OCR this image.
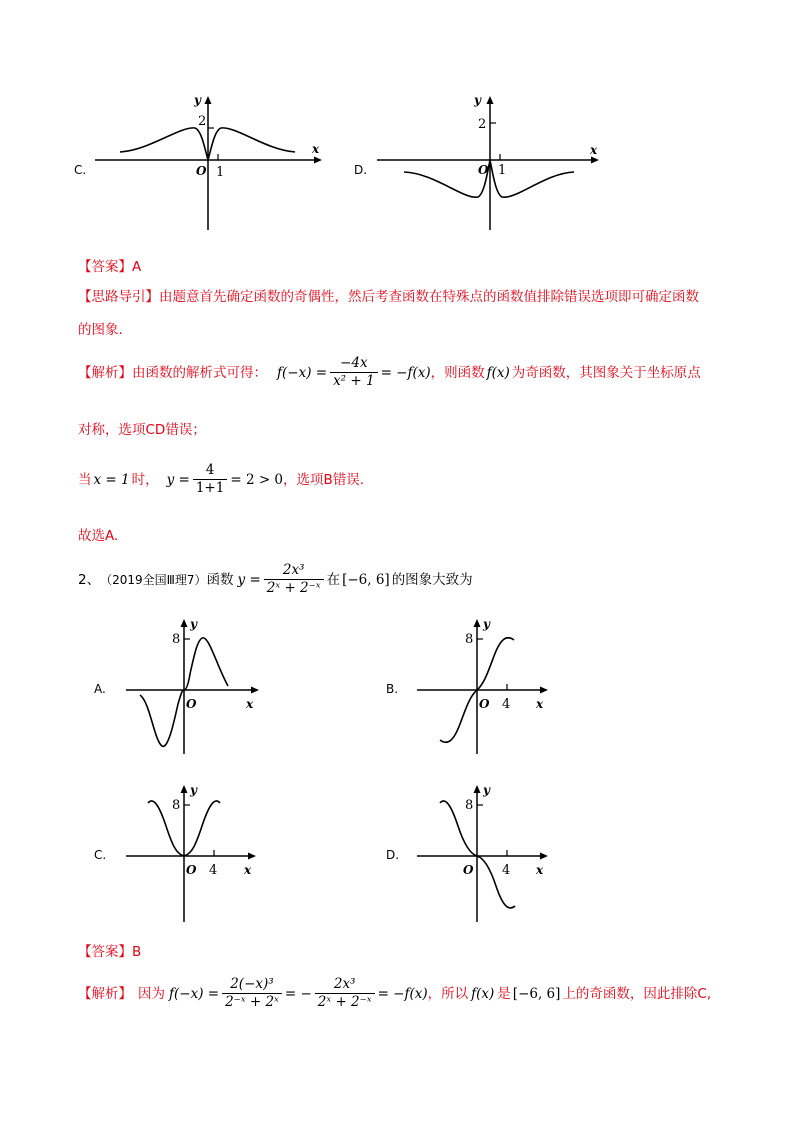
C.
x
y
2
O 1	D.
x
y
2
O 1
【答案】A
【思路导引】由题意首先确定函数的奇偶性，然后考查函数在特殊点的函数值排除错误选项即可确定函数
的图象.
【解析】 由函数的解析式可得： $f(-x) = \frac{-4x}{\text{x² + 1}} = -f(x)$ ，则函数 f(x) 为奇函数，其图象关于坐标原点
对称，选项CD错误；
当 x = 1 时， $y = \frac{4}{1+1} = 2 > 0$ ，选项B错误.
故选A.
2、 （2019全国Ⅲ理7） 函数 $y = \frac{\text{2x³}}{\text{2ˣ + 2⁻ˣ}}$ 在 [−6, 6] 的图象大致为
A.
x
y
8
O
B.
x
y
8
O 4
C.
x
y
8
O 4
D.
x
y
8
O 4
【答案】B
【解析】 因为 $f(-x) = \frac{\text{2(−x)³}}{\text{2⁻ˣ + 2ˣ}}$ = − $\frac{\text{2x³}}{\text{2ˣ + 2⁻ˣ}} = -f(x)$ ，所以 f(x) 是 [−6, 6] 上的奇函数，因此排除C,
